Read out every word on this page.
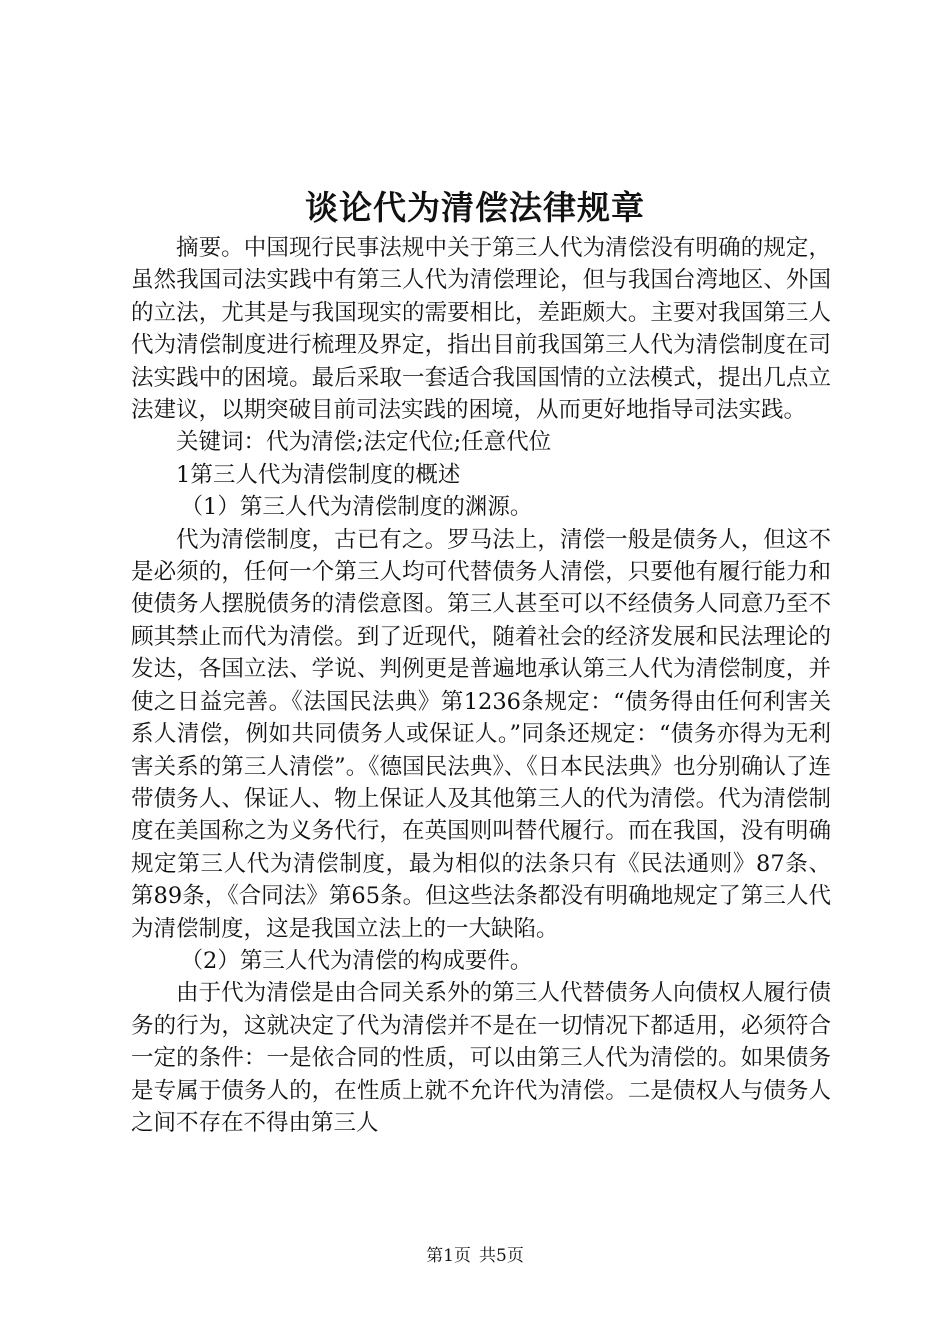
谈论代为清偿法律规章

摘要。中国现行民事法规中关于第三人代为清偿没有明确的规定，虽然我国司法实践中有第三人代为清偿理论，但与我国台湾地区、外国的立法，尤其是与我国现实的需要相比，差距颇大。主要对我国第三人代为清偿制度进行梳理及界定，指出目前我国第三人代为清偿制度在司法实践中的困境。最后采取一套适合我国国情的立法模式，提出几点立法建议，以期突破目前司法实践的困境，从而更好地指导司法实践。

关键词：代为清偿;法定代位;任意代位

1第三人代为清偿制度的概述

（1）第三人代为清偿制度的渊源。

代为清偿制度，古已有之。罗马法上，清偿一般是债务人，但这不是必须的，任何一个第三人均可代替债务人清偿，只要他有履行能力和使债务人摆脱债务的清偿意图。第三人甚至可以不经债务人同意乃至不顾其禁止而代为清偿。到了近现代，随着社会的经济发展和民法理论的发达，各国立法、学说、判例更是普遍地承认第三人代为清偿制度，并使之日益完善。《法国民法典》第1236条规定：“债务得由任何利害关系人清偿，例如共同债务人或保证人。”同条还规定：“债务亦得为无利害关系的第三人清偿”。《德国民法典》、《日本民法典》也分别确认了连带债务人、保证人、物上保证人及其他第三人的代为清偿。代为清偿制度在美国称之为义务代行，在英国则叫替代履行。而在我国，没有明确规定第三人代为清偿制度，最为相似的法条只有《民法通则》87条、第89条，《合同法》第65条。但这些法条都没有明确地规定了第三人代为清偿制度，这是我国立法上的一大缺陷。

（2）第三人代为清偿的构成要件。

由于代为清偿是由合同关系外的第三人代替债务人向债权人履行债务的行为，这就决定了代为清偿并不是在一切情况下都适用，必须符合一定的条件：一是依合同的性质，可以由第三人代为清偿的。如果债务是专属于债务人的，在性质上就不允许代为清偿。二是债权人与债务人之间不存在不得由第三人

第1页 共5页
